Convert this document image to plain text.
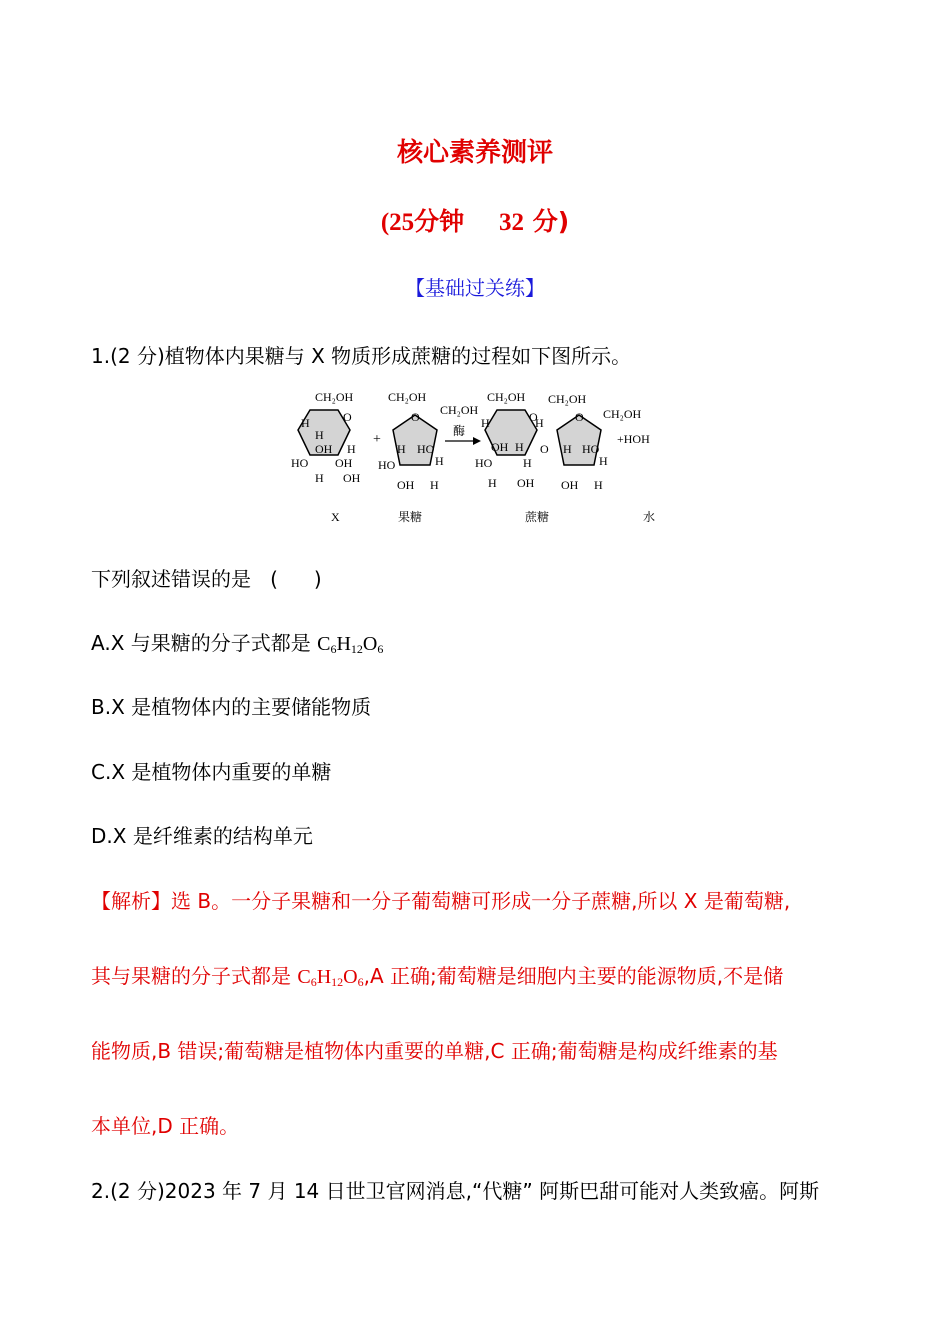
核心素养测评
(25分钟 32 分)
【基础过关练】
1.(2 分)植物体内果糖与 X 物质形成蔗糖的过程如下图所示。
CH₂OH
O
H
H
OH H
HO OH
H OH
+
CH₂OH
O CH₂OH
H HO
HO	H
OH H
酶
CH₂OH
O
H	H
OH H
HO	H
H OH
O
CH₂OH
O CH₂OH
H HO
H
OH H
+HOH
X	果糖	蔗糖	水
下列叙述错误的是 ( )
A.X 与果糖的分子式都是 $C_6H_{12}O_6$
B.X 是植物体内的主要储能物质
C.X 是植物体内重要的单糖
D.X 是纤维素的结构单元
【解析】选 B。一分子果糖和一分子葡萄糖可形成一分子蔗糖,所以 X 是葡萄糖,
其与果糖的分子式都是 $C_6H_{12}O_6,A$ 正确;葡萄糖是细胞内主要的能源物质,不是储
能物质,B 错误;葡萄糖是植物体内重要的单糖,C 正确;葡萄糖是构成纤维素的基
本单位,D 正确。
2.(2 分)2023 年 7 月 14 日世卫官网消息,“代糖” 阿斯巴甜可能对人类致癌。阿斯
